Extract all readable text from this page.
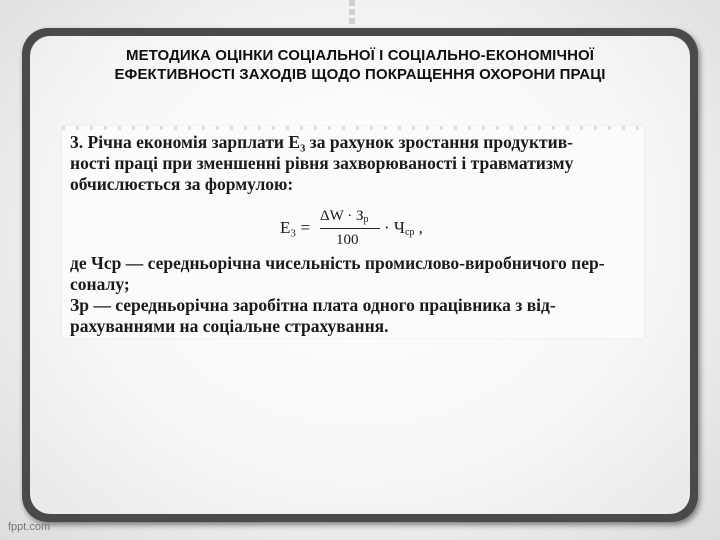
МЕТОДИКА ОЦІНКИ СОЦІАЛЬНОЇ І СОЦІАЛЬНО-ЕКОНОМІЧНОЇ
ЕФЕКТИВНОСТІ ЗАХОДІВ ЩОДО ПОКРАЩЕННЯ ОХОРОНИ ПРАЦІ
3. Річна економія зарплати Е₃ за рахунок зростання продуктив-
ності праці при зменшенні рівня захворюваності і травматизму
обчислюється за формулою:
Е₃ =
$\Delta W \cdot З_р$
100
· $Ч_{ср}$ ,
де Чср — середньорічна чисельність промислово-виробничого пер-
соналу;
Зр — середньорічна заробітна плата одного працівника з від-
рахуваннями на соціальне страхування.
fppt.com
